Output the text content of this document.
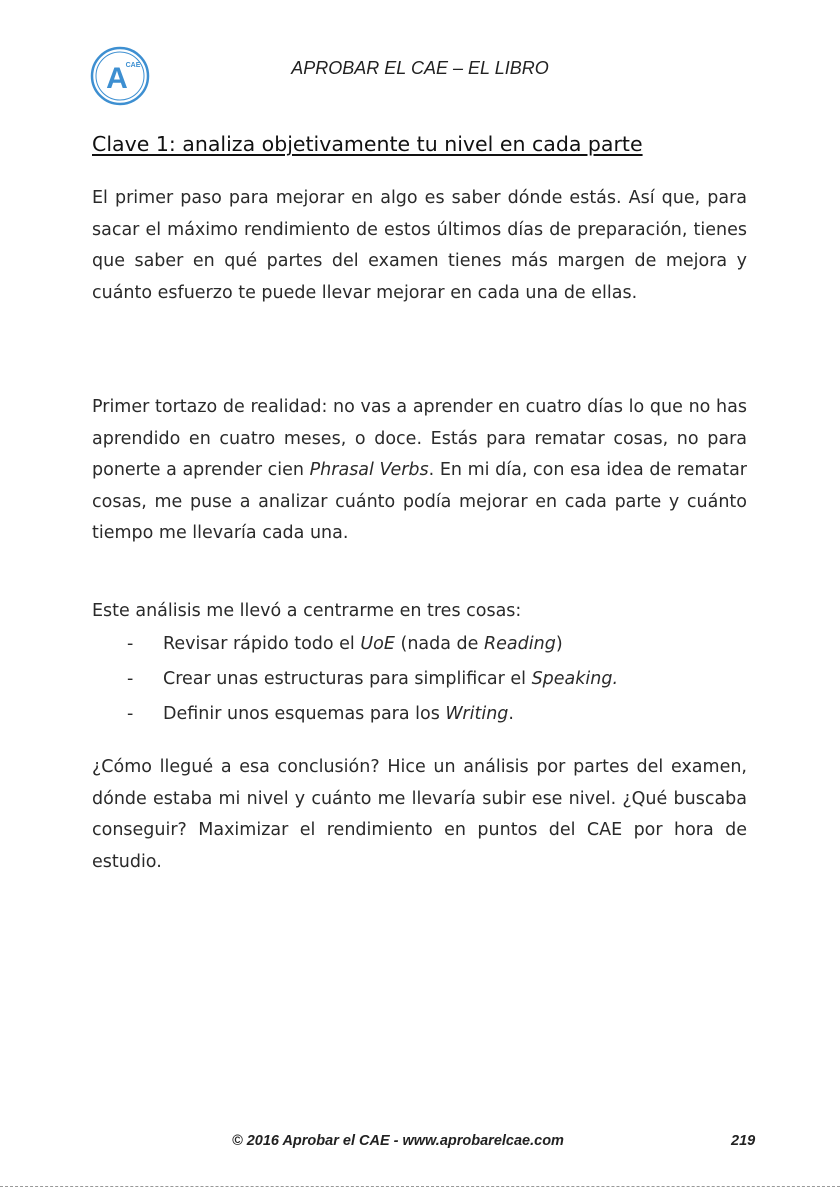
A
CAE	APROBAR EL CAE – EL LIBRO
Clave 1: analiza objetivamente tu nivel en cada parte

El primer paso para mejorar en algo es saber dónde estás. Así que, para sacar el máximo rendimiento de estos últimos días de preparación, tienes que saber en qué partes del examen tienes más margen de mejora y cuánto esfuerzo te puede llevar mejorar en cada una de ellas.

Primer tortazo de realidad: no vas a aprender en cuatro días lo que no has aprendido en cuatro meses, o doce. Estás para rematar cosas, no para ponerte a aprender cien Phrasal Verbs. En mi día, con esa idea de rematar cosas, me puse a analizar cuánto podía mejorar en cada parte y cuánto tiempo me llevaría cada una.

Este análisis me llevó a centrarme en tres cosas:

- Revisar rápido todo el UoE (nada de Reading)
- Crear unas estructuras para simplificar el Speaking.
- Definir unos esquemas para los Writing.

¿Cómo llegué a esa conclusión? Hice un análisis por partes del examen, dónde estaba mi nivel y cuánto me llevaría subir ese nivel. ¿Qué buscaba conseguir? Maximizar el rendimiento en puntos del CAE por hora de estudio.

© 2016 Aprobar el CAE - www.aprobarelcae.com	219
